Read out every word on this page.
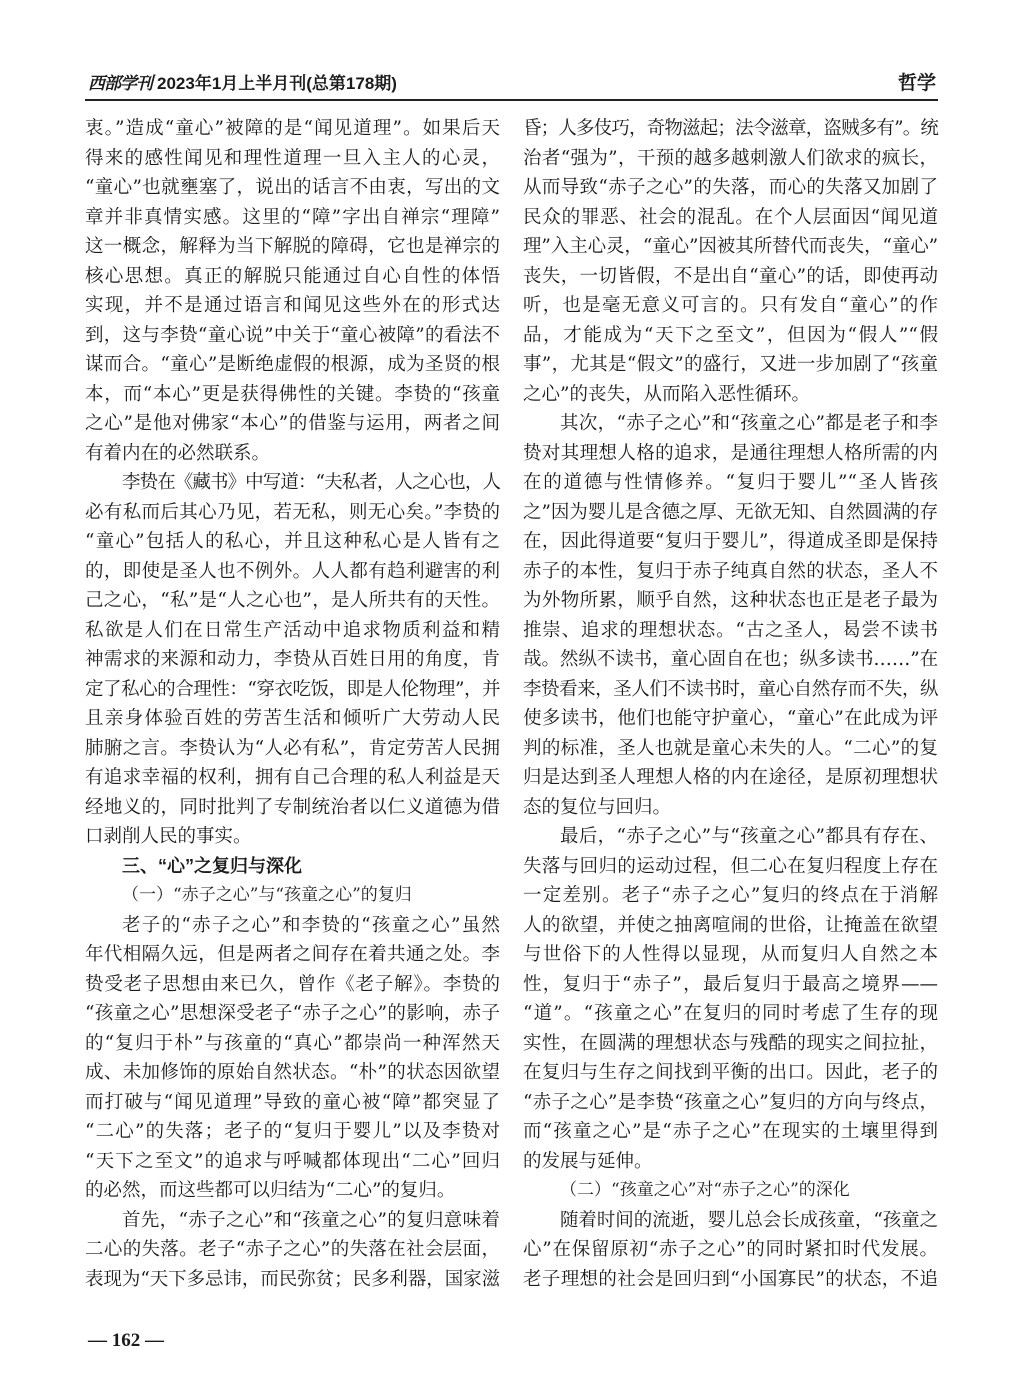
西部学刊 2023年1月上半月刊(总第178期)	哲学
衷。”造成“童心”被障的是“闻见道理”。如果后天
得来的感性闻见和理性道理一旦入主人的心灵，
“童心”也就壅塞了，说出的话言不由衷，写出的文
章并非真情实感。这里的“障”字出自禅宗“理障”
这一概念，解释为当下解脱的障碍，它也是禅宗的
核心思想。真正的解脱只能通过自心自性的体悟
实现，并不是通过语言和闻见这些外在的形式达
到，这与李贽“童心说”中关于“童心被障”的看法不
谋而合。“童心”是断绝虚假的根源，成为圣贤的根
本，而“本心”更是获得佛性的关键。李贽的“孩童
之心”是他对佛家“本心”的借鉴与运用，两者之间
有着内在的必然联系。
李贽在《藏书》中写道：“夫私者，人之心也，人
必有私而后其心乃见，若无私，则无心矣。”李贽的
“童心”包括人的私心，并且这种私心是人皆有之
的，即使是圣人也不例外。人人都有趋利避害的利
己之心，“私”是“人之心也”，是人所共有的天性。
私欲是人们在日常生产活动中追求物质利益和精
神需求的来源和动力，李贽从百姓日用的角度，肯
定了私心的合理性：“穿衣吃饭，即是人伦物理”，并
且亲身体验百姓的劳苦生活和倾听广大劳动人民
肺腑之言。李贽认为“人必有私”，肯定劳苦人民拥
有追求幸福的权利，拥有自己合理的私人利益是天
经地义的，同时批判了专制统治者以仁义道德为借
口剥削人民的事实。
三、“心”之复归与深化
（一）“赤子之心”与“孩童之心”的复归
老子的“赤子之心”和李贽的“孩童之心”虽然
年代相隔久远，但是两者之间存在着共通之处。李
贽受老子思想由来已久，曾作《老子解》。李贽的
“孩童之心”思想深受老子“赤子之心”的影响，赤子
的“复归于朴”与孩童的“真心”都崇尚一种浑然天
成、未加修饰的原始自然状态。“朴”的状态因欲望
而打破与“闻见道理”导致的童心被“障”都突显了
“二心”的失落；老子的“复归于婴儿”以及李贽对
“天下之至文”的追求与呼喊都体现出“二心”回归
的必然，而这些都可以归结为“二心”的复归。
首先，“赤子之心”和“孩童之心”的复归意味着
二心的失落。老子“赤子之心”的失落在社会层面，
表现为“天下多忌讳，而民弥贫；民多利器，国家滋
昏；人多伎巧，奇物滋起；法令滋章，盗贼多有”。统
治者“强为”，干预的越多越刺激人们欲求的疯长，
从而导致“赤子之心”的失落，而心的失落又加剧了
民众的罪恶、社会的混乱。在个人层面因“闻见道
理”入主心灵，“童心”因被其所替代而丧失，“童心”
丧失，一切皆假，不是出自“童心”的话，即使再动
听，也是毫无意义可言的。只有发自“童心”的作
品，才能成为“天下之至文”，但因为“假人”“假
事”，尤其是“假文”的盛行，又进一步加剧了“孩童
之心”的丧失，从而陷入恶性循环。
其次，“赤子之心”和“孩童之心”都是老子和李
贽对其理想人格的追求，是通往理想人格所需的内
在的道德与性情修养。“复归于婴儿”“圣人皆孩
之”因为婴儿是含德之厚、无欲无知、自然圆满的存
在，因此得道要“复归于婴儿”，得道成圣即是保持
赤子的本性，复归于赤子纯真自然的状态，圣人不
为外物所累，顺乎自然，这种状态也正是老子最为
推崇、追求的理想状态。“古之圣人，曷尝不读书
哉。然纵不读书，童心固自在也；纵多读书……”在
李贽看来，圣人们不读书时，童心自然存而不失，纵
使多读书，他们也能守护童心，“童心”在此成为评
判的标准，圣人也就是童心未失的人。“二心”的复
归是达到圣人理想人格的内在途径，是原初理想状
态的复位与回归。
最后，“赤子之心”与“孩童之心”都具有存在、
失落与回归的运动过程，但二心在复归程度上存在
一定差别。老子“赤子之心”复归的终点在于消解
人的欲望，并使之抽离喧闹的世俗，让掩盖在欲望
与世俗下的人性得以显现，从而复归人自然之本
性，复归于“赤子”，最后复归于最高之境界——
“道”。“孩童之心”在复归的同时考虑了生存的现
实性，在圆满的理想状态与残酷的现实之间拉扯，
在复归与生存之间找到平衡的出口。因此，老子的
“赤子之心”是李贽“孩童之心”复归的方向与终点，
而“孩童之心”是“赤子之心”在现实的土壤里得到
的发展与延伸。
（二）“孩童之心”对“赤子之心”的深化
随着时间的流逝，婴儿总会长成孩童，“孩童之
心”在保留原初“赤子之心”的同时紧扣时代发展。
老子理想的社会是回归到“小国寡民”的状态，不追
— 162 —
